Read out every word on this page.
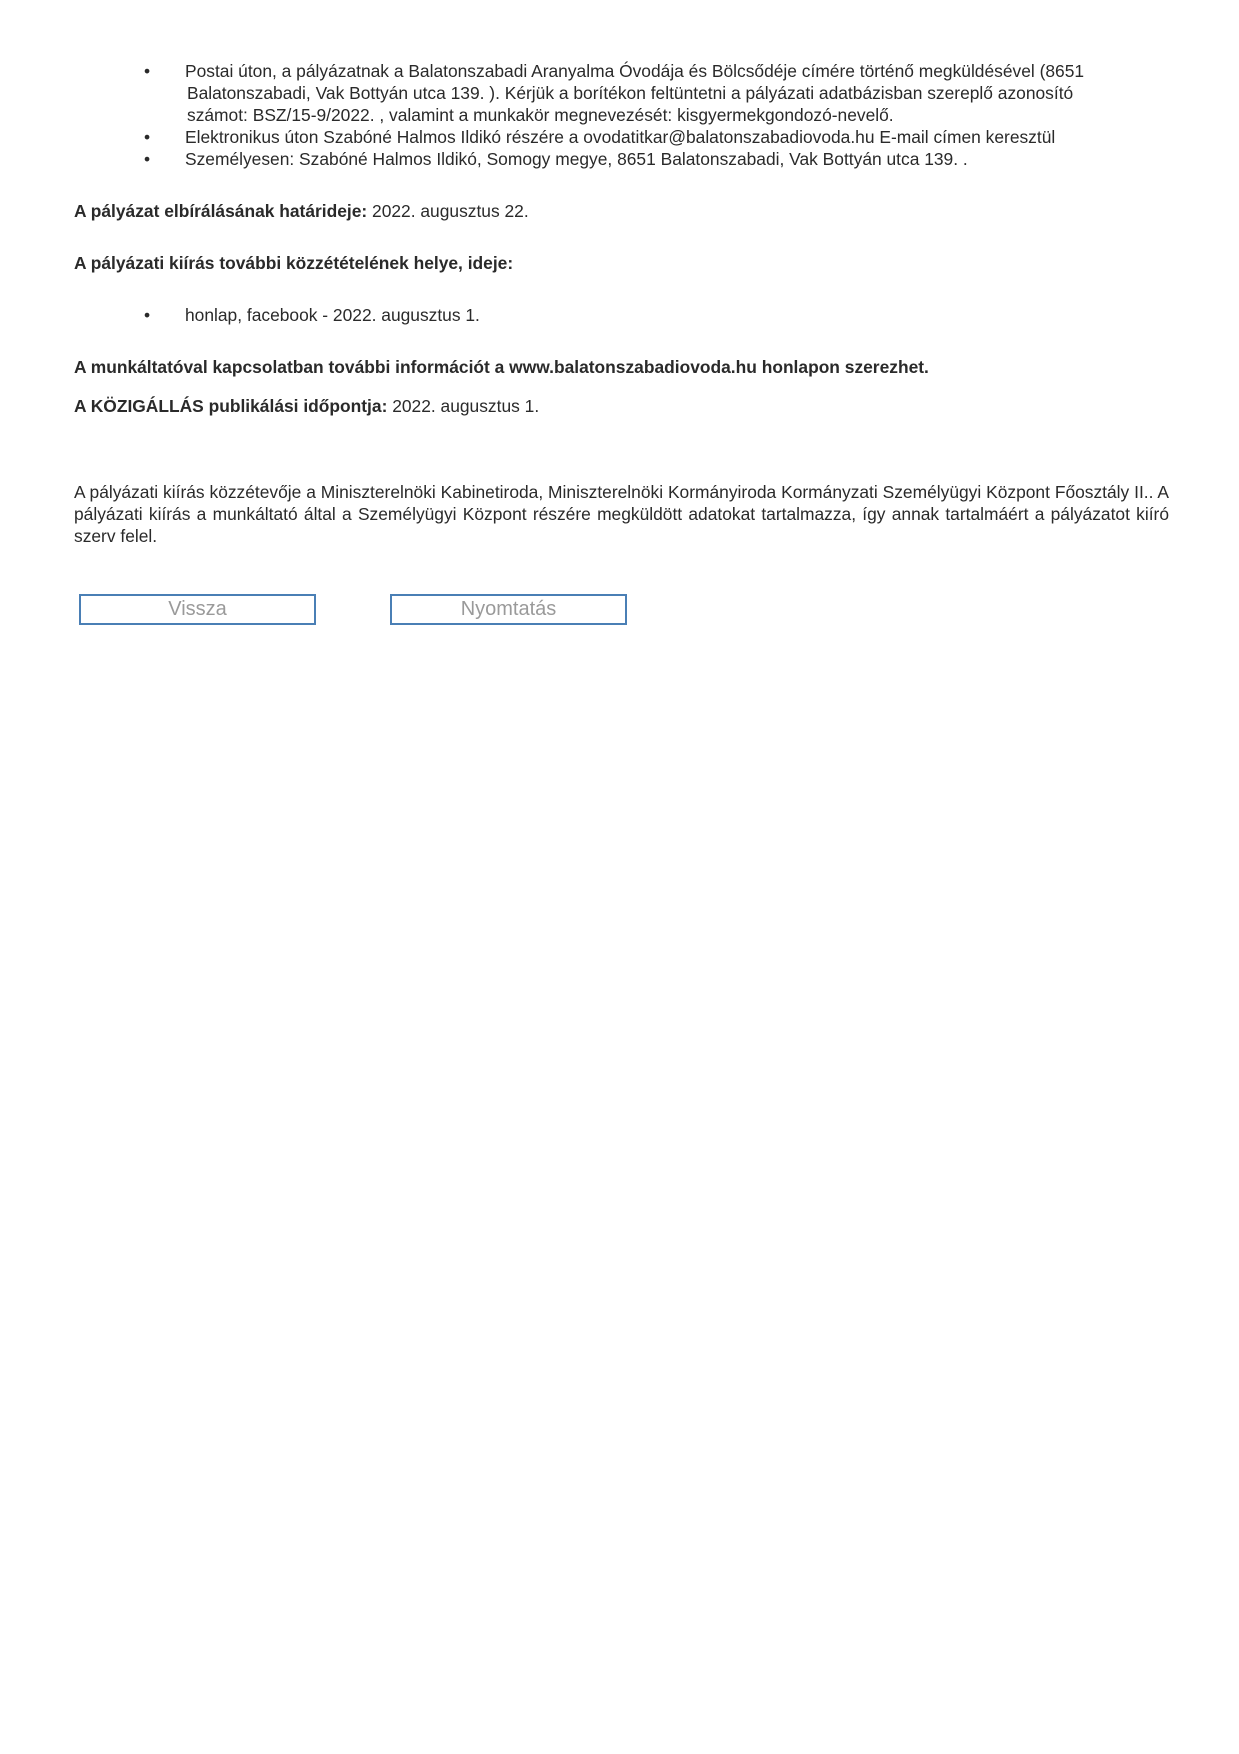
• Postai úton, a pályázatnak a Balatonszabadi Aranyalma Óvodája és Bölcsődéje címére történő megküldésével (8651
Balatonszabadi, Vak Bottyán utca 139. ). Kérjük a borítékon feltüntetni a pályázati adatbázisban szereplő azonosító
számot: BSZ/15-9/2022. , valamint a munkakör megnevezését: kisgyermekgondozó-nevelő.
• Elektronikus úton Szabóné Halmos Ildikó részére a ovodatitkar@balatonszabadiovoda.hu E-mail címen keresztül
• Személyesen: Szabóné Halmos Ildikó, Somogy megye, 8651 Balatonszabadi, Vak Bottyán utca 139. .

A pályázat elbírálásának határideje: 2022. augusztus 22.

A pályázati kiírás további közzétételének helye, ideje:

• honlap, facebook - 2022. augusztus 1.

A munkáltatóval kapcsolatban további információt a www.balatonszabadiovoda.hu honlapon szerezhet.

A KÖZIGÁLLÁS publikálási időpontja: 2022. augusztus 1.

A pályázati kiírás közzétevője a Miniszterelnöki Kabinetiroda, Miniszterelnöki Kormányiroda Kormányzati Személyügyi Központ Főosztály II.. A pályázati kiírás a munkáltató által a Személyügyi Központ részére megküldött adatokat tartalmazza, így annak tartalmáért a pályázatot kiíró szerv felel.

Vissza	Nyomtatás
